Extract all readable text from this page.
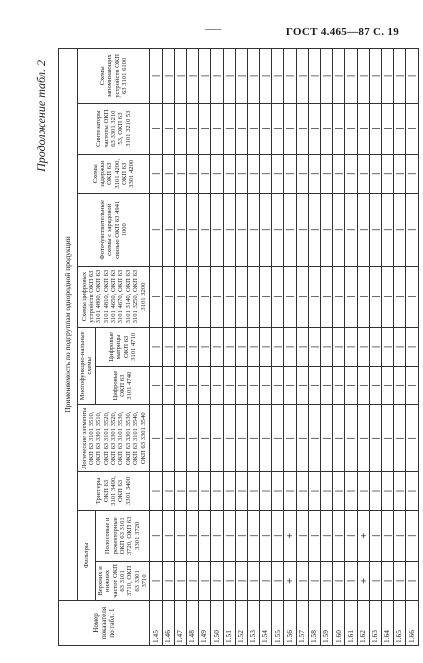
—	ГОСТ 4.465—87 С. 19
Продолжение табл. 2
Номер показателя по табл. 1	Применяемость по подгруппам однородной продукции										
	Фильтры		Триггеры ОКП 63 3101 3400, ОКП 63 3301 3400	Логические элементы ОКП 63 3101 3510, ОКП 63 3301 3510, ОКП 63 3101 3520, ОКП 63 3301 3520, ОКП 63 3101 3530, ОКП 63 3301 3530, ОКП 63 3101 3540, ОКП 63 3301 3540	Многофункцио-нальные схемы		Схемы цифровых устройств ОКП 63 3101 4800, ОКП 63 3101 4810, ОКП 63 3101 4650, ОКП 63 3101 4670, ОКП 63 3101 3140, ОКП 63 3101 3250, ОКП 63 3101 3200	Фоточувствительные схемы с зарядовой связью ОКП 63 4941 1000	Схемы задержки ОКП 63 3101 4200, ОКП 63 3301 4200	Синтезаторы частоты ОКП 63 3301 3210 53, ОКП 63 3101 3210 53	Схемы запоминающих устройств ОКП 63 3101 6100
	Верхних и нижних частот ОКП 63 3101 3710, ОКП 63 3301 3710	Полосовые и режекторные ОКП 63 3101 3720, ОКП 63 3301 3720			Цифровые ОКП 63 3101 4740	Цифровые матрицы ОКП 63 3101 4710					
1.45	|	|	|	|	|	|	|	|	|	|	|
1.46	|	|	|	|	|	|	|	|	|	|	|
1.47	|	|	|	|	|	|	|	|	|	|	|
1.48	|	|	|	|	|	|	|	|	|	|	|
1.49	|	|	|	|	|	|	|	|	|	|	|
1.50	|	|	|	|	|	|	|	|	|	|	|
1.51	|	|	|	|	|	|	|	|	|	|	|
1.52	|	|	|	|	|	|	|	|	|	|	|
1.53	|	|	|	|	|	|	|	|	|	|	|
1.54	|	|	|	|	|	|	|	|	|	|	|
1.55	|	|	|	|	|	|	|	|	|	|	|
1.56	+	+	|	|	|	|	|	|	|	|	|
1.57	|	|	|	|	|	|	|	|	|	|	|
1.58	|	|	|	|	|	|	|	|	|	|	|
1.59	|	|	|	|	|	|	|	|	|	|	|
1.60	|	|	|	|	|	|	|	|	|	|	|
1.61	|	|	|	|	|	|	|	|	|	|	|
1.62	+	+	|	|	|	|	|	|	|	|	|
1.63	|	|	|	|	|	|	|	|	|	|	|
1.64	|	|	|	|	|	|	|	|	|	|	|
1.65	|	|	|	|	|	|	|	|	|	|	|
1.66	|	|	|	|	|	|	|	|	|	|	|
